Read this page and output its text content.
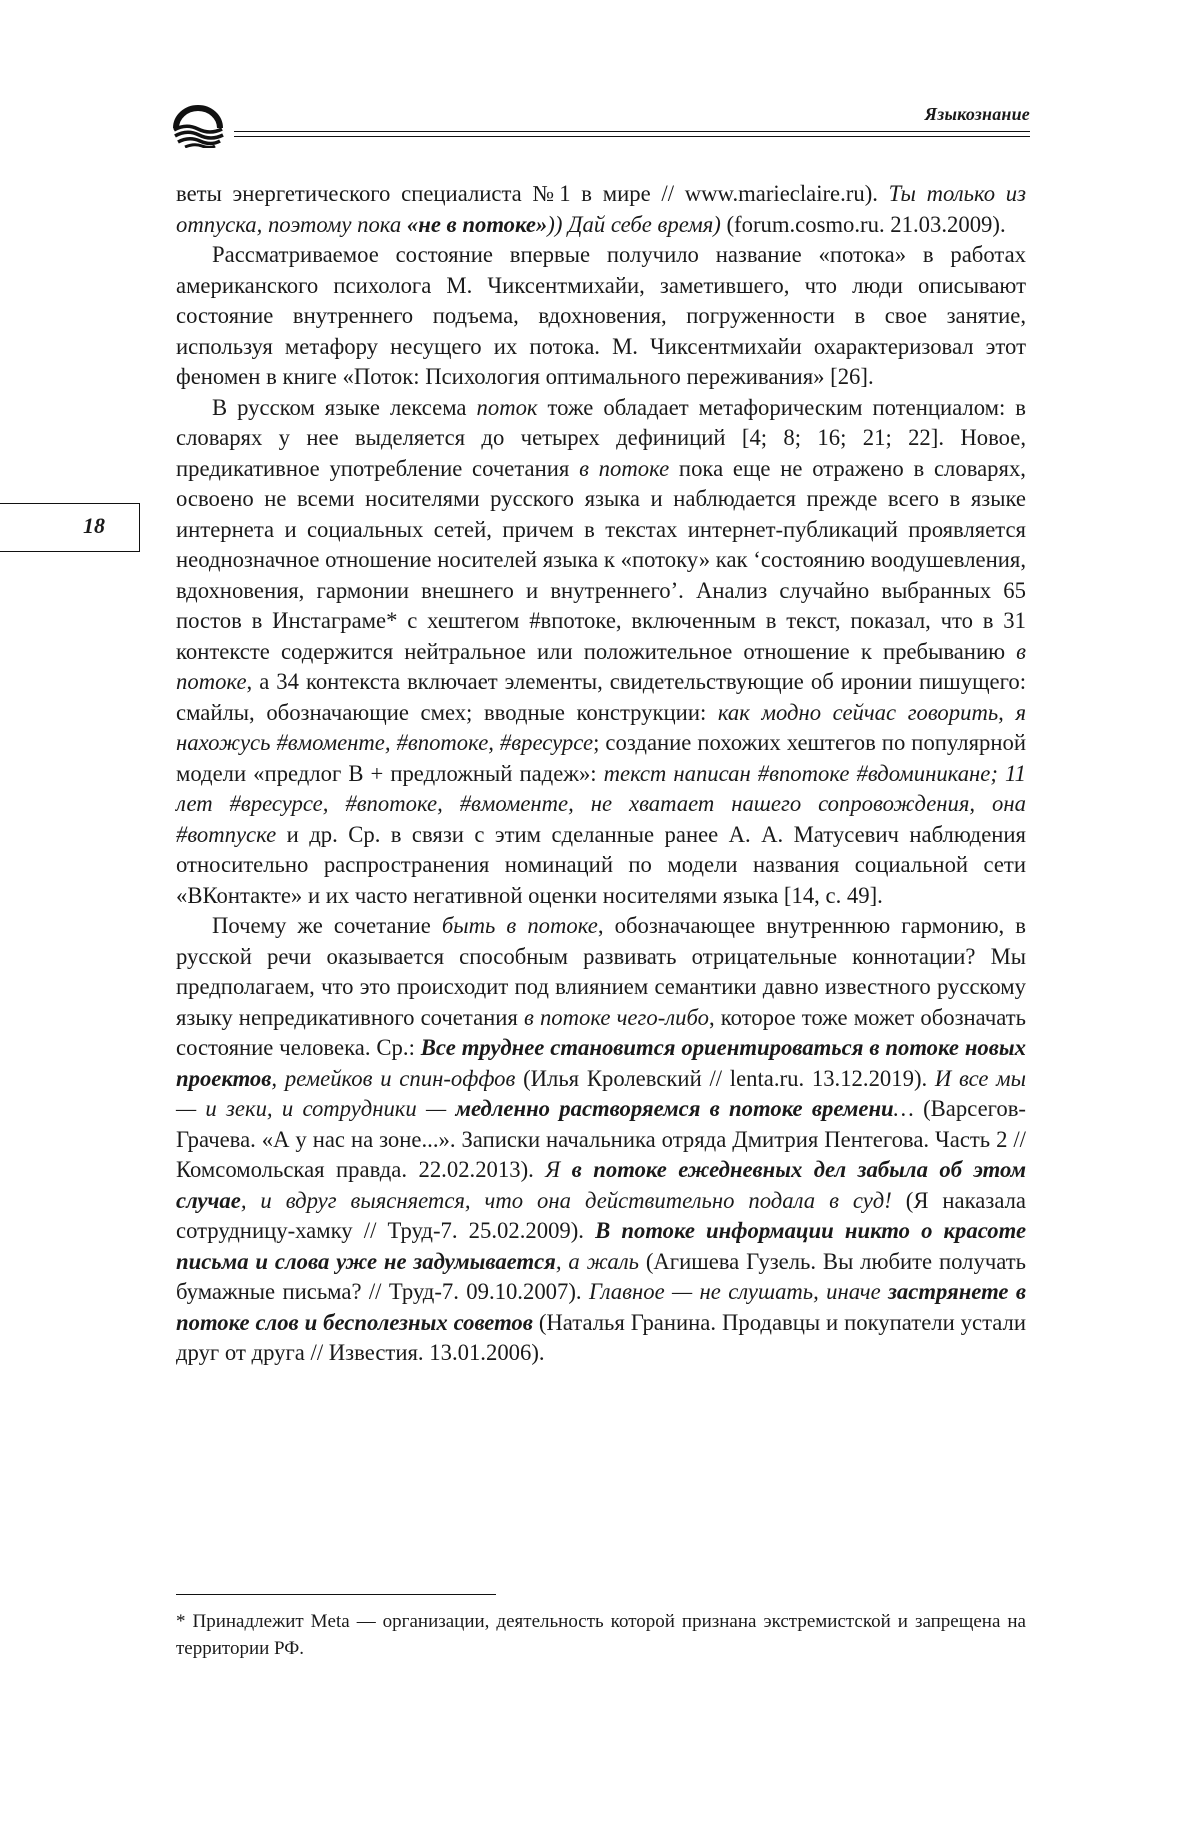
Языкознание
18

веты энергетического специалиста №1 в мире // www.marieclaire.ru). Ты только из отпуска, поэтому пока «не в потоке»)) Дай себе время) (forum.cosmo.ru. 21.03.2009).

Рассматриваемое состояние впервые получило название «потока» в работах американского психолога М. Чиксентмихайи, заметившего, что люди описывают состояние внутреннего подъема, вдохновения, погруженности в свое занятие, используя метафору несущего их потока. М. Чиксентмихайи охарактеризовал этот феномен в книге «Поток: Психология оптимального переживания» [26].

В русском языке лексема поток тоже обладает метафорическим потенциалом: в словарях у нее выделяется до четырех дефиниций [4; 8; 16; 21; 22]. Новое, предикативное употребление сочетания в потоке пока еще не отражено в словарях, освоено не всеми носителями русского языка и наблюдается прежде всего в языке интернета и социальных сетей, причем в текстах интернет-публикаций проявляется неоднозначное отношение носителей языка к «потоку» как ‘состоянию воодушевления, вдохновения, гармонии внешнего и внутреннего’. Анализ случайно выбранных 65 постов в Инстаграме* с хештегом #впотоке, включенным в текст, показал, что в 31 контексте содержится нейтральное или положительное отношение к пребыванию в потоке, а 34 контекста включает элементы, свидетельствующие об иронии пишущего: смайлы, обозначающие смех; вводные конструкции: как модно сейчас говорить, я нахожусь #вмоменте, #впотоке, #вресурсе; создание похожих хештегов по популярной модели «предлог В + предложный падеж»: текст написан #впотоке #вдоминикане; 11 лет #вресурсе, #впотоке, #вмоменте, не хватает нашего сопровождения, она #вотпуске и др. Ср. в связи с этим сделанные ранее А. А. Матусевич наблюдения относительно распространения номинаций по модели названия социальной сети «ВКонтакте» и их часто негативной оценки носителями языка [14, с. 49].

Почему же сочетание быть в потоке, обозначающее внутреннюю гармонию, в русской речи оказывается способным развивать отрицательные коннотации? Мы предполагаем, что это происходит под влиянием семантики давно известного русскому языку непредикативного сочетания в потоке чего-либо, которое тоже может обозначать состояние человека. Ср.: Все труднее становится ориентироваться в потоке новых проектов, ремейков и спин-оффов (Илья Кролевский // lenta.ru. 13.12.2019). И все мы — и зеки, и сотрудники — медленно растворяемся в потоке времени… (Варсегов-Грачева. «А у нас на зоне...». Записки начальника отряда Дмитрия Пентегова. Часть 2 // Комсомольская правда. 22.02.2013). Я в потоке ежедневных дел забыла об этом случае, и вдруг выясняется, что она действительно подала в суд! (Я наказала сотрудницу-хамку // Труд-7. 25.02.2009). В потоке информации никто о красоте письма и слова уже не задумывается, а жаль (Агишева Гузель. Вы любите получать бумажные письма? // Труд-7. 09.10.2007). Главное — не слушать, иначе застрянете в потоке слов и бесполезных советов (Наталья Гранина. Продавцы и покупатели устали друг от друга // Известия. 13.01.2006).

* Принадлежит Meta — организации, деятельность которой признана экстремистской и запрещена на территории РФ.
